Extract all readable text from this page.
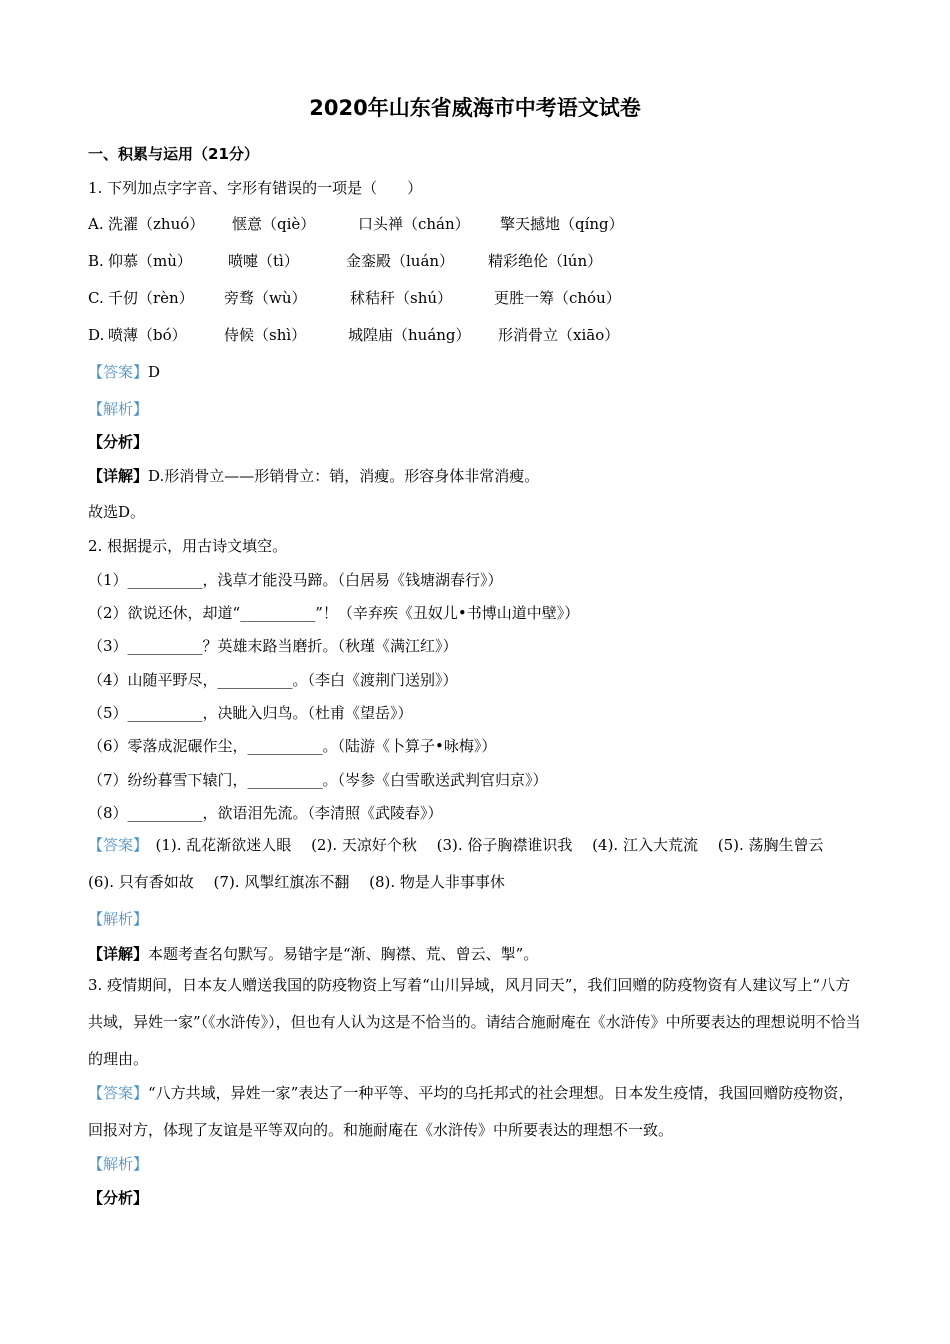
2020年山东省威海市中考语文试卷
一、积累与运用（21分）
1. 下列加点字字音、字形有错误的一项是（　　）
A. 洗濯（zhuó） 惬意（qiè）	口头禅（chán） 擎天撼地（qíng）
B. 仰慕（mù） 喷嚏（tì）	金銮殿（luán） 精彩绝伦（lún）
C. 千仞（rèn） 旁骛（wù）	秫秸秆（shú）	更胜一筹（chóu）
D. 喷薄（bó） 侍候（shì）	城隍庙（huáng） 形消骨立（xiāo）
【答案】D
【解析】
【分析】
【详解】D.形消骨立——形销骨立：销，消瘦。形容身体非常消瘦。
故选D。
2. 根据提示，用古诗文填空。
（1）__________，浅草才能没马蹄。（白居易《钱塘湖春行》）
（2）欲说还休，却道“__________”！（辛弃疾《丑奴儿•书博山道中壁》）
（3）__________？英雄末路当磨折。（秋瑾《满江红》）
（4）山随平野尽，__________。（李白《渡荆门送别》）
（5）__________，决眦入归鸟。（杜甫《望岳》）
（6）零落成泥碾作尘，__________。（陆游《卜算子•咏梅》）
（7）纷纷暮雪下辕门，__________。（岑参《白雪歌送武判官归京》）
（8）__________，欲语泪先流。（李清照《武陵春》）
【答案】　(1). 乱花渐欲迷人眼　 (2). 天凉好个秋　 (3). 俗子胸襟谁识我　 (4). 江入大荒流　 (5). 荡胸生曾云　(6). 只有香如故　 (7). 风掣红旗冻不翻　 (8). 物是人非事事休
【解析】
【详解】本题考查名句默写。易错字是“渐、胸襟、荒、曾云、掣”。
3. 疫情期间，日本友人赠送我国的防疫物资上写着“山川异域，风月同天”，我们回赠的防疫物资有人建议写上“八方共域，异姓一家”（《水浒传》），但也有人认为这是不恰当的。请结合施耐庵在《水浒传》中所要表达的理想说明不恰当的理由。
【答案】“八方共域，异姓一家”表达了一种平等、平均的乌托邦式的社会理想。日本发生疫情，我国回赠防疫物资，回报对方，体现了友谊是平等双向的。和施耐庵在《水浒传》中所要表达的理想不一致。
【解析】
【分析】
